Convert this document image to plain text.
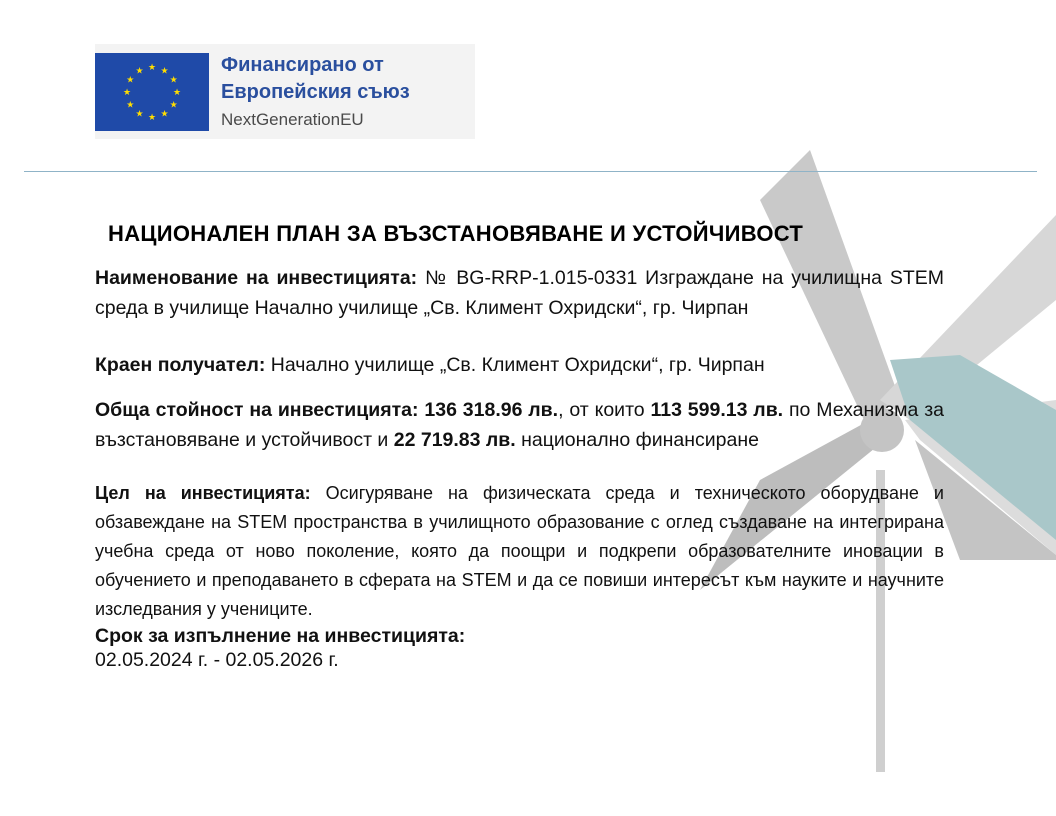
★ ★
★
★
★
★
★
★
★
★
★
★	Финансирано от
Европейския съюз
NextGenerationEU
НАЦИОНАЛЕН ПЛАН ЗА ВЪЗСТАНОВЯВАНЕ И УСТОЙЧИВОСТ

Наименование на инвестицията: № BG-RRP-1.015-0331 Изграждане на училищна STEM среда в училище Начално училище „Св. Климент Охридски“, гр. Чирпан

Краен получател: Начално училище „Св. Климент Охридски“, гр. Чирпан

Обща стойност на инвестицията: 136 318.96 лв., от които 113 599.13 лв. по Механизма за възстановяване и устойчивост и 22 719.83 лв. национално финансиране

Цел на инвестицията: Осигуряване на физическата среда и техническото оборудване и обзавеждане на STEM пространства в училищното образование с оглед създаване на интегрирана учебна среда от ново поколение, която да поощри и подкрепи образователните иновации в обучението и преподаването в сферата на STEM и да се повиши интересът към науките и научните изследвания у учениците.

Срок за изпълнение на инвестицията:

02.05.2024 г. - 02.05.2026 г.
